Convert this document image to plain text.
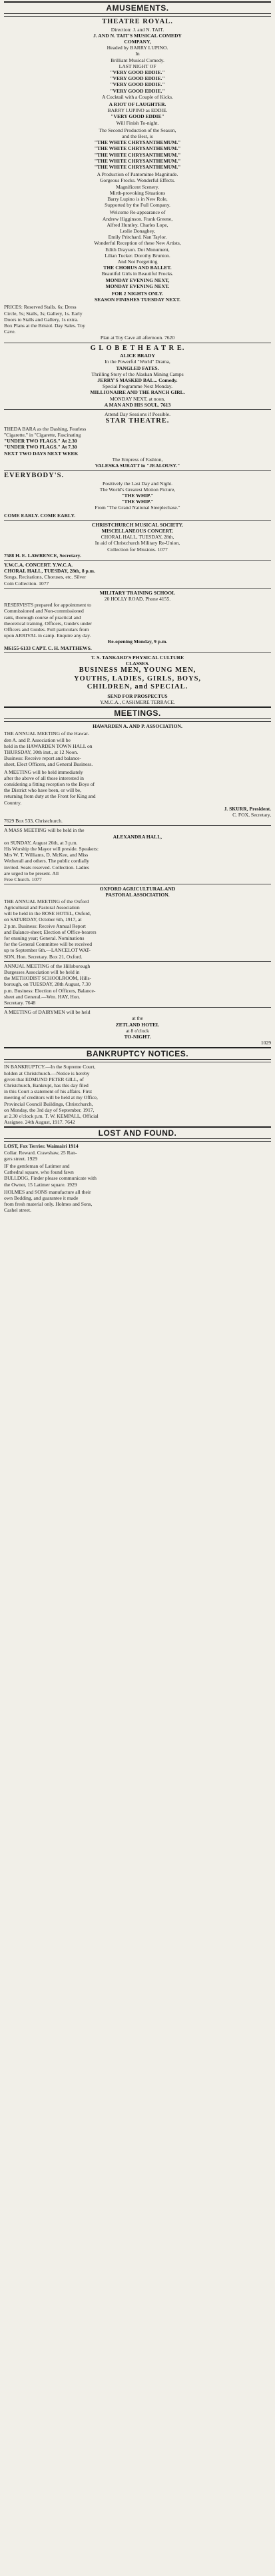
AMUSEMENTS.
THEATRE ROYAL.
Direction: J. and N. TAIT.
J. AND N. TAIT'S MUSICAL COMEDY
COMPANY,
Headed by BARRY LUPINO.
In
Brilliant Musical Comedy.
LAST NIGHT OF
"VERY GOOD EDDIE."
"VERY GOOD EDDIE."
"VERY GOOD EDDIE."
"VERY GOOD EDDIE."
A Cocktail with a Couple of Kicks.
A RIOT OF LAUGHTER.
BARRY LUPINO as EDDIE.
"VERY GOOD EDDIE"
Will Finish To-night.
The Second Production of the Season,
and the Best, is
"THE WHITE CHRYSANTHEMUM."
"THE WHITE CHRYSANTHEMUM."
"THE WHITE CHRYSANTHEMUM."
"THE WHITE CHRYSANTHEMUM."
"THE WHITE CHRYSANTHEMUM."
A Production of Pantomime Magnitude.
Gorgeous Frocks. Wonderful Effects.
Magnificent Scenery.
Mirth-provoking Situations
Barry Lupino is in New Role,
Supported by the Full Company.
Welcome Re-appearance of
Andrew Higginson. Frank Greene,
Alfred Huntley. Charles Lope,
Leslie Donaghey,
Emily Pritchard. Nan Taylor.
Wonderful Reception of these New Artists,
Edith Drayson. Dot Monument,
Lilian Tucker. Dorothy Brunton.
And Not Forgetting
THE CHORUS AND BALLET.
Beautiful Girls in Beautiful Frocks.
MONDAY EVENING NEXT,
MONDAY EVENING NEXT.
FOR 2 NIGHTS ONLY.
SEASON FINISHES TUESDAY NEXT.
PRICES: Reserved Stalls. 6s; Dress
Circle, 5s; Stalls, 3s; Gallery, 1s. Early
Doors to Stalls and Gallery, 1s extra.
Box Plans at the Bristol. Day Sales. Toy
Cave.
Plan at Toy Cave all afternoon. 7620
G L O B E T H E A T R E.
ALICE BRADY
In the Powerful "World" Drama,
TANGLED FATES.
Thrilling Story of the Alaskan Mining Camps
JERRY'S MASKED BAL... Comedy.
Special Programme Next Monday.
MILLIONAIRE AND THE RANCH GIRL.
MONDAY NEXT, at noon,
A MAN AND HIS SOUL. 7613
Attend Day Sessions if Possible.
STAR THEATRE.
THEDA BARA as the Dashing, Fearless
"Cigarette," in "Cigarette, Fascinating
"UNDER TWO FLAGS." At 2.30
"UNDER TWO FLAGS." At 7.30
NEXT TWO DAYS NEXT WEEK
The Empress of Fashion,
VALESKA SURATT in "JEALOUSY."
EVERYBODY'S.
Positively the Last Day and Night.
The World's Greatest Motion Picture,
"THE WHIP."
"THE WHIP."
From "The Grand National Steeplechase."
COME EARLY. COME EARLY.
CHRISTCHURCH MUSICAL SOCIETY.
MISCELLANEOUS CONCERT.
CHORAL HALL, TUESDAY, 28th,
In aid of Christchurch Military Re-Union,
Collection for Missions. 1077
7588 H. E. LAWRENCE, Secretary.
Y.W.C.A. CONCERT. Y.W.C.A.
CHORAL HALL, TUESDAY, 28th, 8 p.m.
Songs, Recitations, Choruses, etc. Silver
Coin Collection. 1077
MILITARY TRAINING SCHOOL
20 HOLLY ROAD. Phone 4155.
RESERVISTS prepared for appointment to
Commissioned and Non-commissioned
rank, thorough course of practical and
theoretical training. Officers, Guide's under
Officers and Guides. Full particulars from
upon ARRIVAL in camp. Enquire any day.
Re-opening Monday, 9 p.m.
M6155-6133 CAPT. C. H. MATTHEWS.
T. S. TANKARD'S PHYSICAL CULTURE
CLASSES.
BUSINESS MEN, YOUNG MEN,
YOUTHS, LADIES, GIRLS, BOYS,
CHILDREN, and SPECIAL.
SEND FOR PROSPECTUS
Y.M.C.A., CASHMERE TERRACE.
MEETINGS.
HAWARDEN A. AND P. ASSOCIATION.
THE ANNUAL MEETING of the Hawar-
den A. and P. Association will be
held in the HAWARDEN TOWN HALL on
THURSDAY, 30th inst., at 12 Noon.
Business: Receive report and balance-
sheet, Elect Officers, and General Business.
A MEETING will be held immediately
after the above of all those interested in
considering a fitting reception to the Boys of
the District who have been, or will be,
returning from duty at the Front for King and
Country.
J. SKURR, President.
C. FOX, Secretary,
7629 Box 533, Christchurch.
A MASS MEETING will be held in the
ALEXANDRA HALL,
on SUNDAY, August 26th, at 3 p.m.
His Worship the Mayor will preside. Speakers:
Mrs W. T. Williams, D. McKee, and Miss
Wetherall and others. The public cordially
invited. Seats reserved. Collection. Ladies
are urged to be present. All
Free Church. 1077
OXFORD AGRICULTURAL AND
PASTORAL ASSOCIATION.
THE ANNUAL MEETING of the Oxford
Agricultural and Pastoral Association
will be held in the ROSE HOTEL, Oxford,
on SATURDAY, October 6th, 1917, at
2 p.m. Business: Receive Annual Report
and Balance-sheet; Election of Office-bearers
for ensuing year; General. Nominations
for the General Committee will be received
up to September 6th.—LANCELOT WAT-
SON, Hon. Secretary. Box 21, Oxford.
ANNUAL MEETING of the Hillsborough
Burgesses Association will be held in
the METHODIST SCHOOLROOM, Hills-
borough, on TUESDAY, 28th August, 7.30
p.m. Business: Election of Officers, Balance-
sheet and General.—Wm. HAY, Hon.
Secretary. 7648
A MEETING of DAIRYMEN will be held
at the
ZETLAND HOTEL
at 8 o'clock
TO-NIGHT.
1029
BANKRUPTCY NOTICES.
IN BANKRUPTCY.—In the Supreme Court,
holden at Christchurch.—Notice is hereby
given that EDMUND PETER GILL, of
Christchurch, Bankrupt, has this day filed
in this Court a statement of his affairs. First
meeting of creditors will be held at my Office,
Provincial Council Buildings, Christchurch,
on Monday, the 3rd day of September, 1917,
at 2.30 o'clock p.m. T. W. KEMPALL, Official
Assignee. 24th August, 1917. 7642
LOST AND FOUND.
LOST, Fox Terrier. Waimairi 1914
Collar. Reward. Crawshaw, 25 Ran-
gers street. 1929
IF the gentleman of Latimer and
Cathedral square, who found fawn
BULLDOG, Finder please communicate with
the Owner, 15 Latimer square. 1929
HOLMES and SONS manufacture all their
own Bedding, and guarantee it made
from fresh material only. Holmes and Sons,
Cashel street.
